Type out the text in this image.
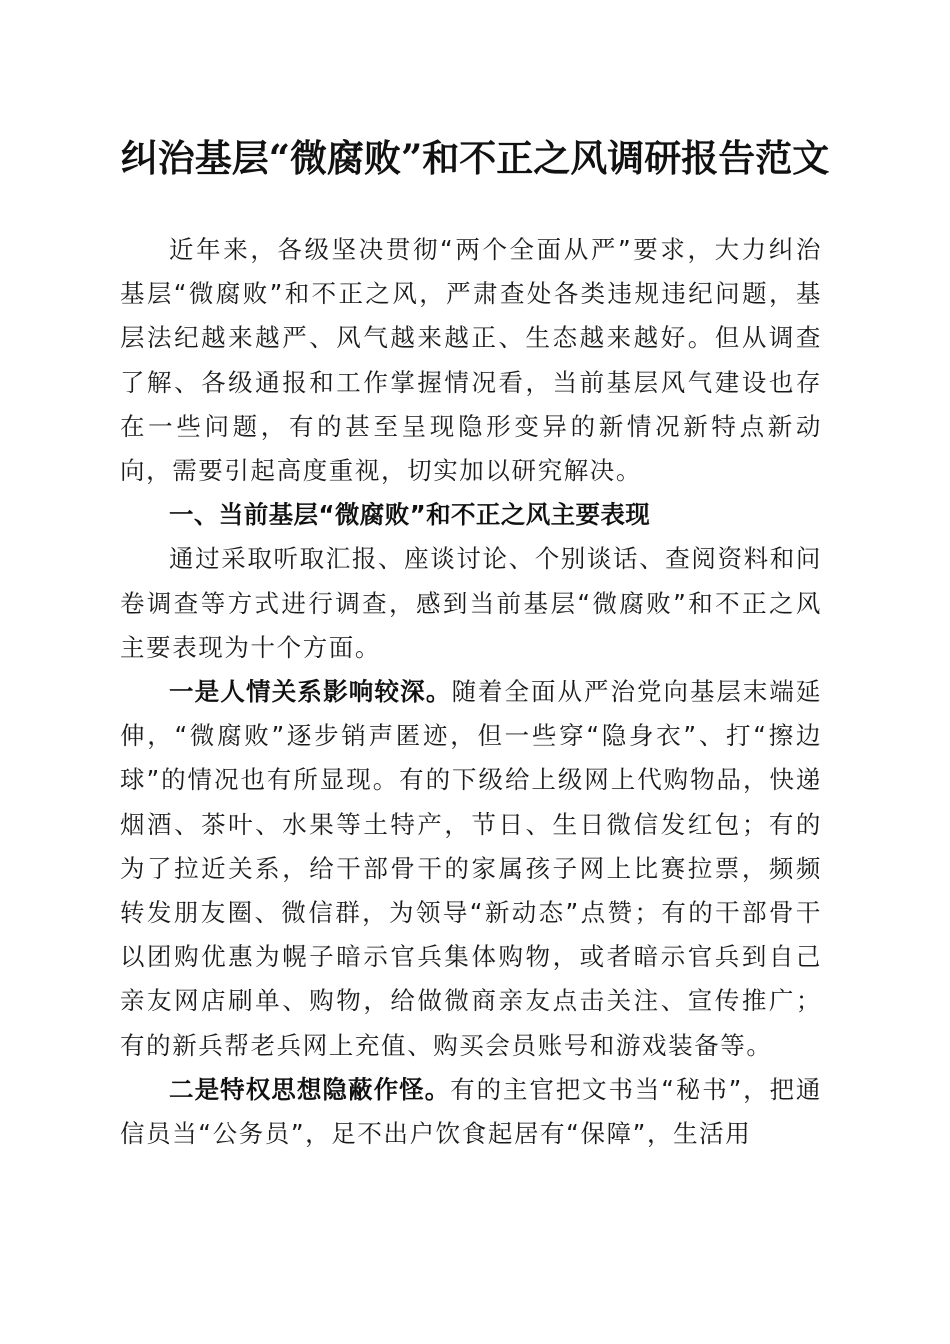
纠治基层“微腐败”和不正之风调研报告范文

近年来，各级坚决贯彻“两个全面从严”要求，大力纠治基层“微腐败”和不正之风，严肃查处各类违规违纪问题，基层法纪越来越严、风气越来越正、生态越来越好。但从调查了解、各级通报和工作掌握情况看，当前基层风气建设也存在一些问题，有的甚至呈现隐形变异的新情况新特点新动向，需要引起高度重视，切实加以研究解决。

一、当前基层“微腐败”和不正之风主要表现

通过采取听取汇报、座谈讨论、个别谈话、查阅资料和问卷调查等方式进行调查，感到当前基层“微腐败”和不正之风主要表现为十个方面。

一是人情关系影响较深。随着全面从严治党向基层末端延伸，“微腐败”逐步销声匿迹，但一些穿“隐身衣”、打“擦边球”的情况也有所显现。有的下级给上级网上代购物品，快递烟酒、茶叶、水果等土特产，节日、生日微信发红包；有的为了拉近关系，给干部骨干的家属孩子网上比赛拉票，频频转发朋友圈、微信群，为领导“新动态”点赞；有的干部骨干以团购优惠为幌子暗示官兵集体购物，或者暗示官兵到自己亲友网店刷单、购物，给做微商亲友点击关注、宣传推广；有的新兵帮老兵网上充值、购买会员账号和游戏装备等。

二是特权思想隐蔽作怪。有的主官把文书当“秘书”，把通信员当“公务员”，足不出户饮食起居有“保障”，生活用
